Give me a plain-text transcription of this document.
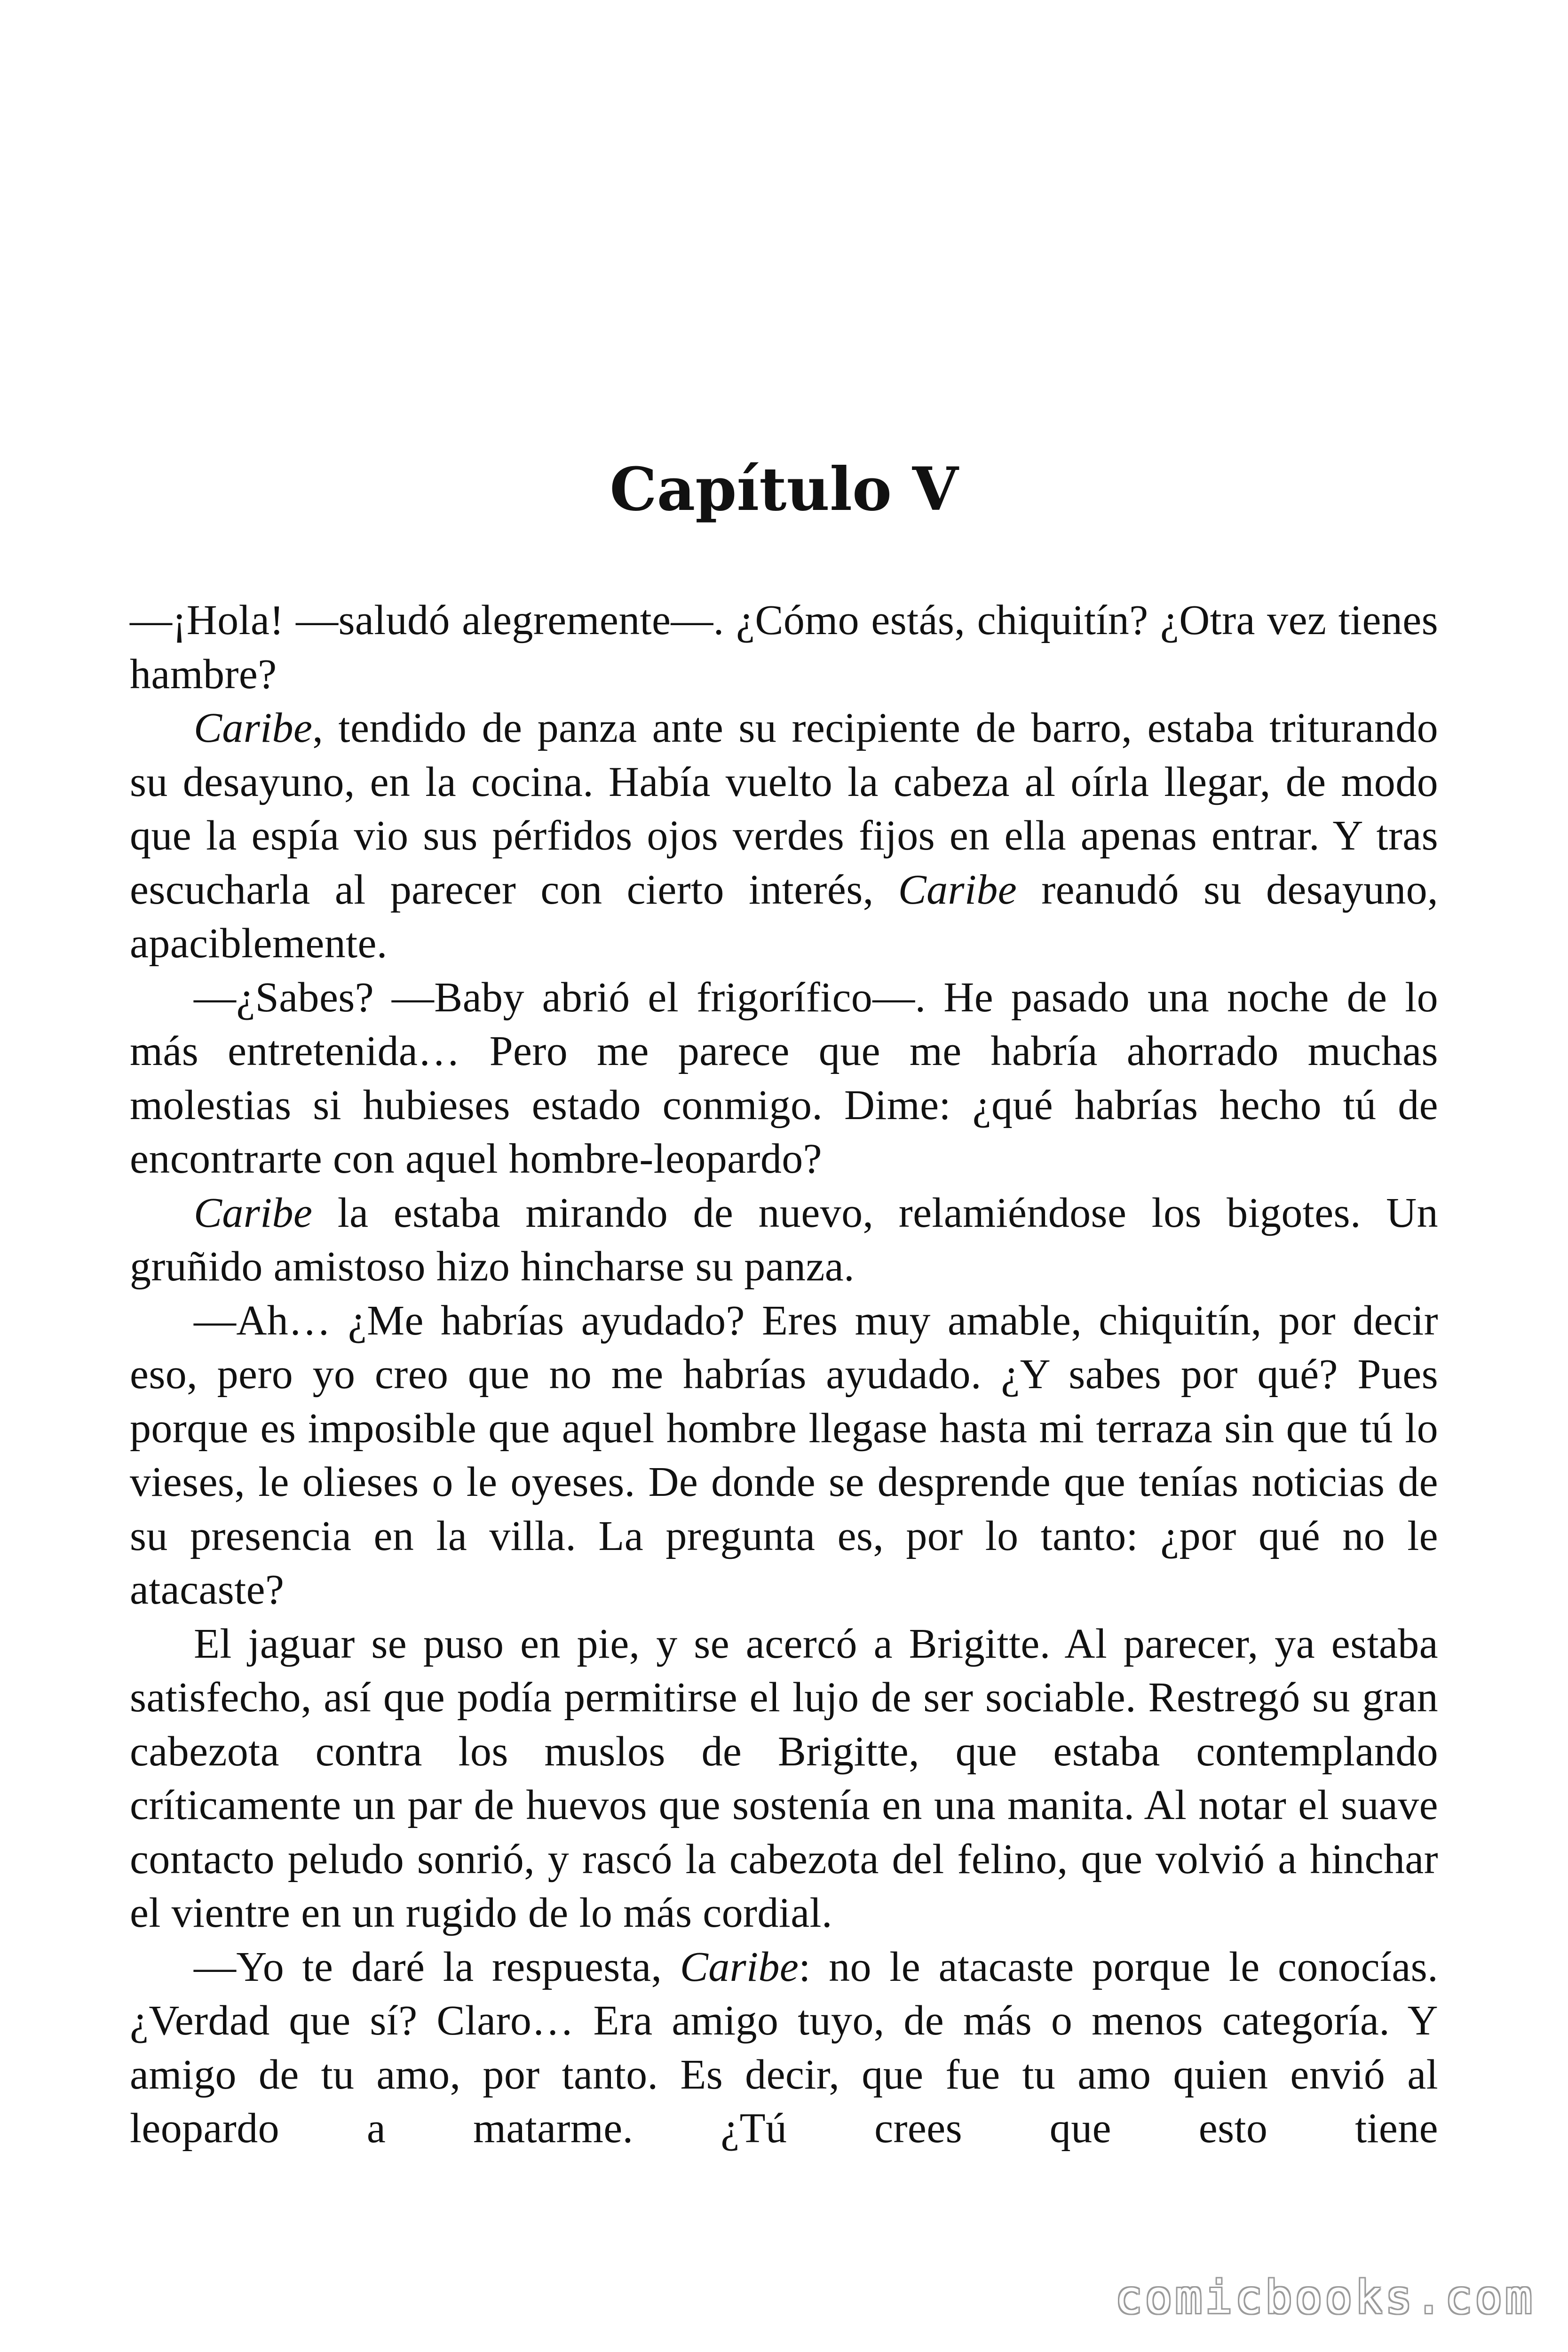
Capítulo V

—¡Hola! —saludó alegremente—. ¿Cómo estás, chiquitín? ¿Otra vez tienes hambre?

Caribe, tendido de panza ante su recipiente de barro, estaba triturando su desayuno, en la cocina. Había vuelto la cabeza al oírla llegar, de modo que la espía vio sus pérfidos ojos verdes fijos en ella apenas entrar. Y tras escucharla al parecer con cierto interés, Caribe reanudó su desayuno, apaciblemente.

—¿Sabes? —Baby abrió el frigorífico—. He pasado una noche de lo más entretenida… Pero me parece que me habría ahorrado muchas molestias si hubieses estado conmigo. Dime: ¿qué habrías hecho tú de encontrarte con aquel hombre-leopardo?

Caribe la estaba mirando de nuevo, relamiéndose los bigotes. Un gruñido amistoso hizo hincharse su panza.

—Ah… ¿Me habrías ayudado? Eres muy amable, chiquitín, por decir eso, pero yo creo que no me habrías ayudado. ¿Y sabes por qué? Pues porque es imposible que aquel hombre llegase hasta mi terraza sin que tú lo vieses, le olieses o le oyeses. De donde se desprende que tenías noticias de su presencia en la villa. La pregunta es, por lo tanto: ¿por qué no le atacaste?

El jaguar se puso en pie, y se acercó a Brigitte. Al parecer, ya estaba satisfecho, así que podía permitirse el lujo de ser sociable. Restregó su gran cabezota contra los muslos de Brigitte, que estaba contemplando críticamente un par de huevos que sostenía en una manita. Al notar el suave contacto peludo sonrió, y rascó la cabezota del felino, que volvió a hinchar el vientre en un rugido de lo más cordial.

—Yo te daré la respuesta, Caribe: no le atacaste porque le conocías. ¿Verdad que sí? Claro… Era amigo tuyo, de más o menos categoría. Y amigo de tu amo, por tanto. Es decir, que fue tu amo quien envió al leopardo a matarme. ¿Tú crees que esto tiene

comicbooks.com
